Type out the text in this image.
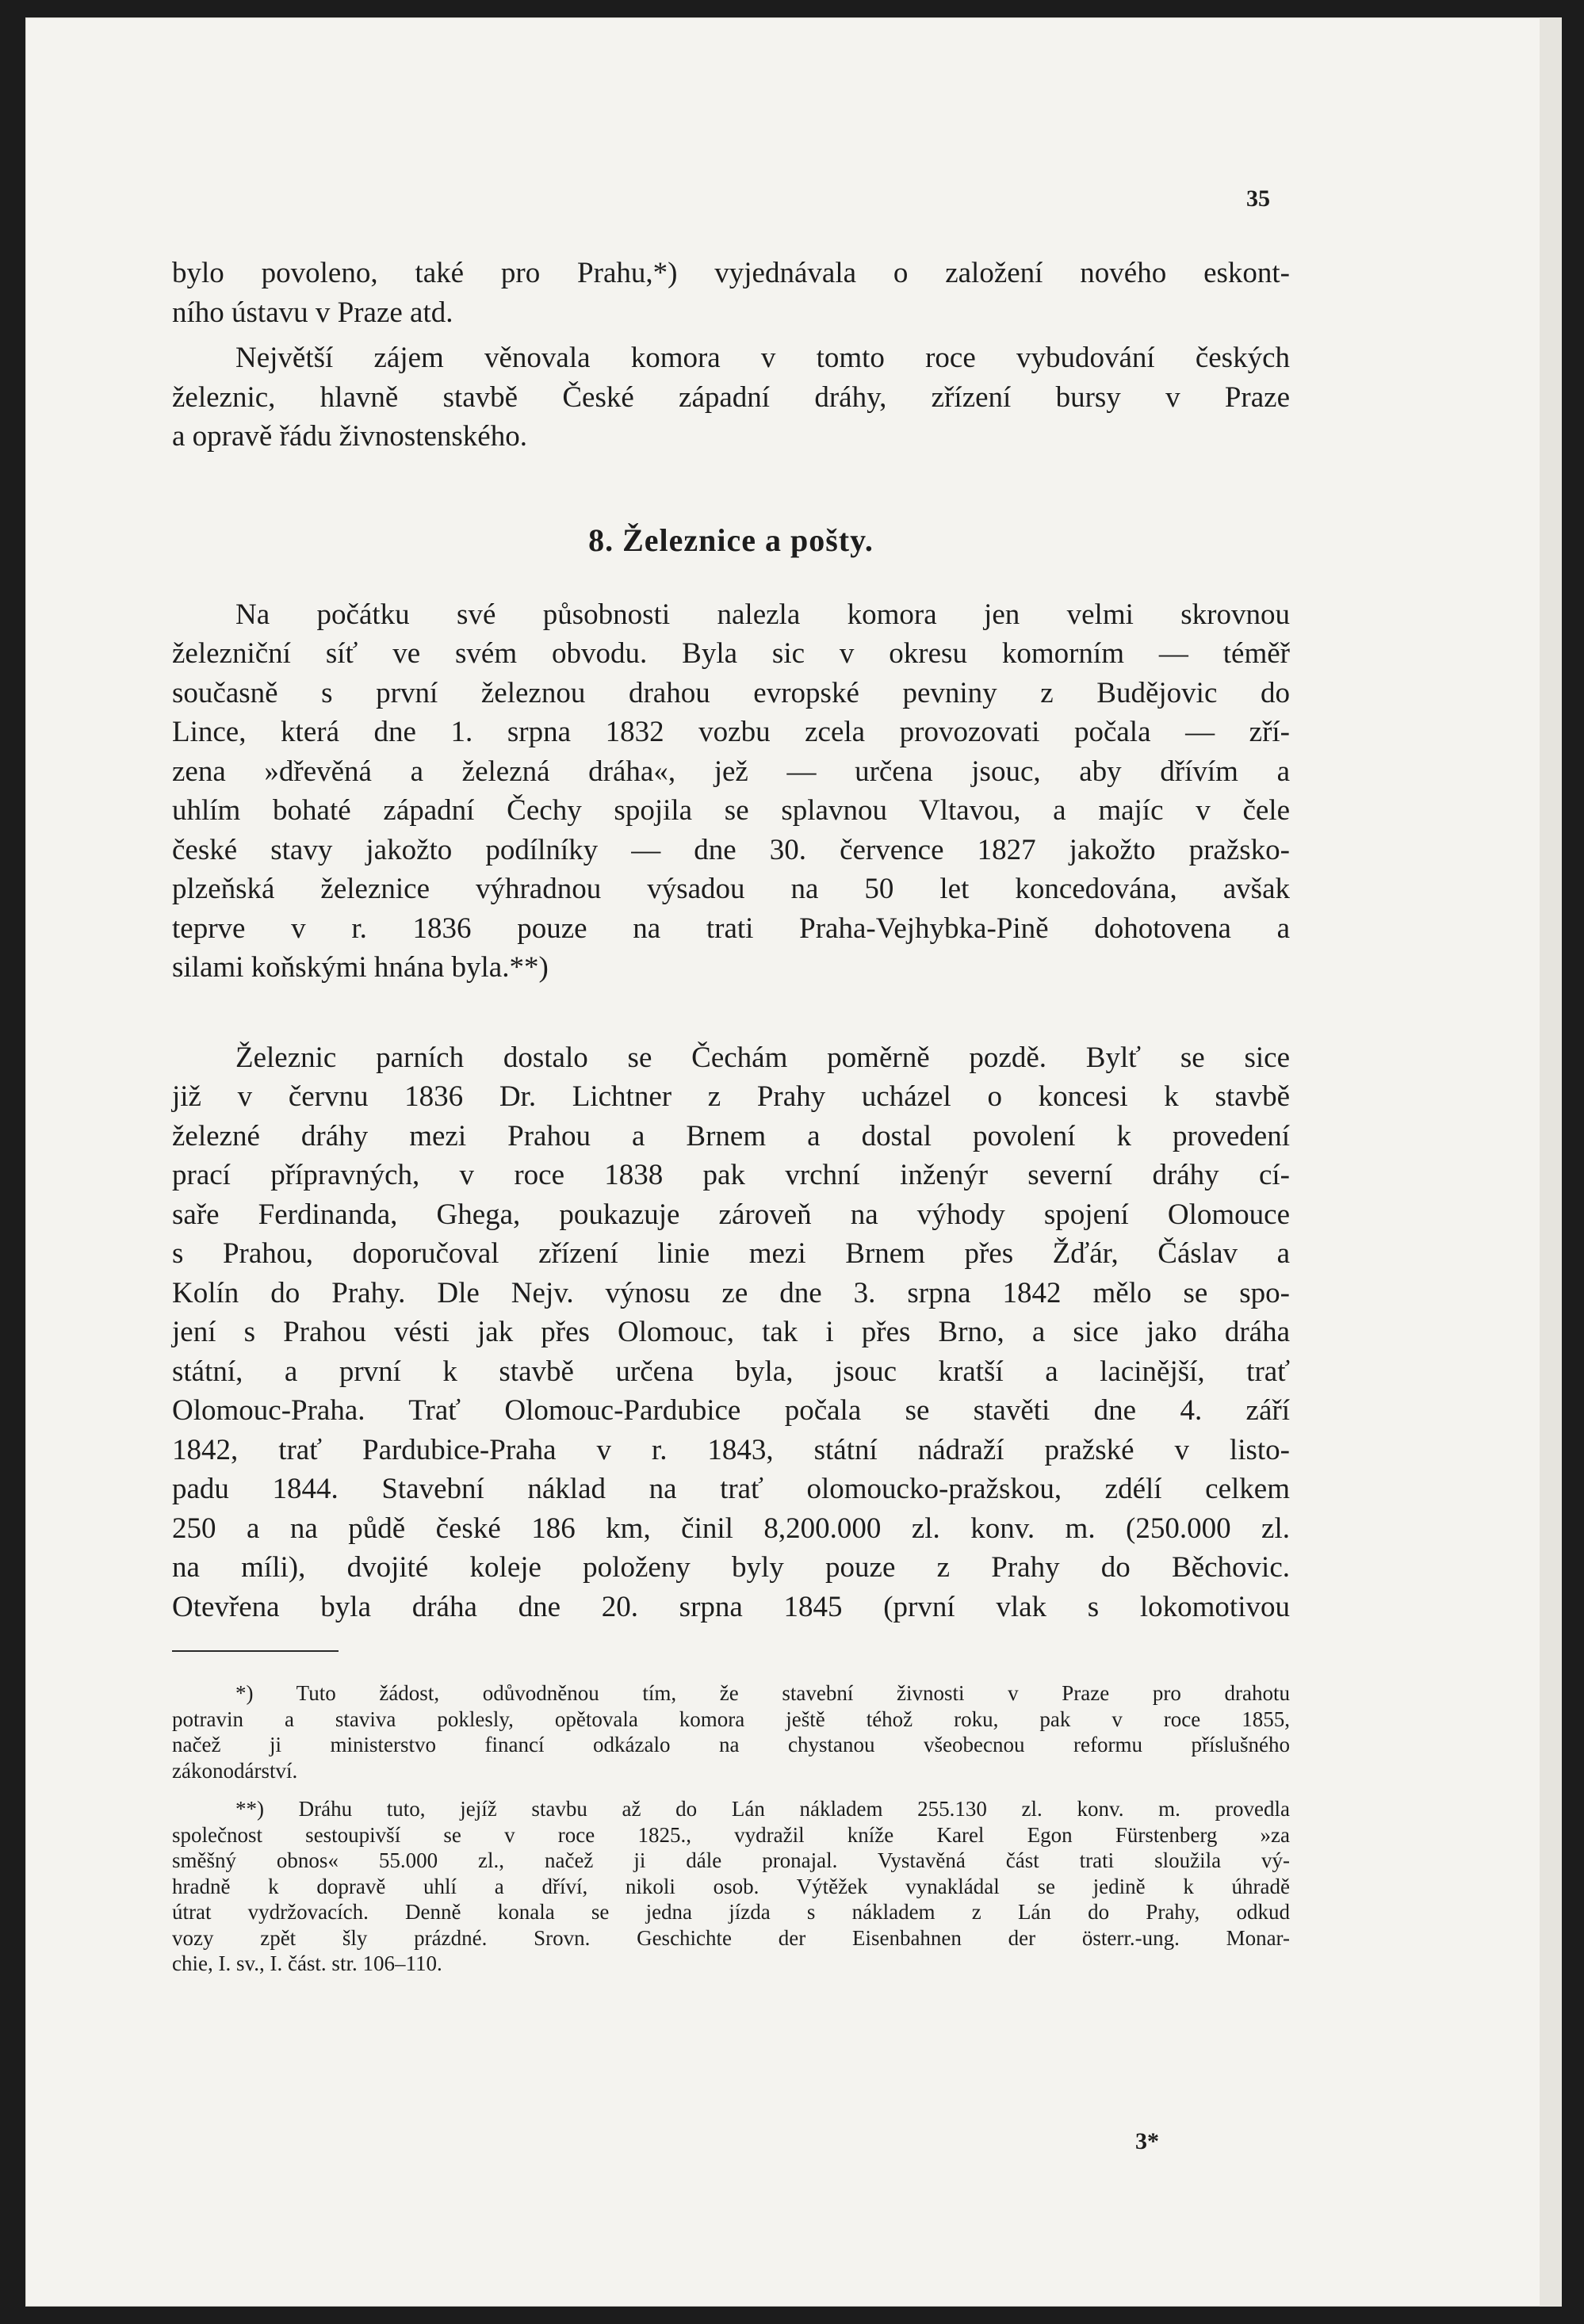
35

bylo povoleno, také pro Prahu,*) vyjednávala o založení nového eskont-
ního ústavu v Praze atd.

Největší zájem věnovala komora v tomto roce vybudování českých
železnic, hlavně stavbě České západní dráhy, zřízení bursy v Praze
a opravě řádu živnostenského.

8. Železnice a pošty.

Na počátku své působnosti nalezla komora jen velmi skrovnou
železniční síť ve svém obvodu. Byla sic v okresu komorním — téměř
současně s první železnou drahou evropské pevniny z Budějovic do
Lince, která dne 1. srpna 1832 vozbu zcela provozovati počala — zří-
zena »dřevěná a železná dráha«, jež — určena jsouc, aby dřívím a
uhlím bohaté západní Čechy spojila se splavnou Vltavou, a majíc v čele
české stavy jakožto podílníky — dne 30. července 1827 jakožto pražsko-
plzeňská železnice výhradnou výsadou na 50 let koncedována, avšak
teprve v r. 1836 pouze na trati Praha-Vejhybka-Pině dohotovena a
silami koňskými hnána byla.**)

Železnic parních dostalo se Čechám poměrně pozdě. Bylť se sice
již v červnu 1836 Dr. Lichtner z Prahy ucházel o koncesi k stavbě
železné dráhy mezi Prahou a Brnem a dostal povolení k provedení
prací přípravných, v roce 1838 pak vrchní inženýr severní dráhy cí-
saře Ferdinanda, Ghega, poukazuje zároveň na výhody spojení Olomouce
s Prahou, doporučoval zřízení linie mezi Brnem přes Žďár, Čáslav a
Kolín do Prahy. Dle Nejv. výnosu ze dne 3. srpna 1842 mělo se spo-
jení s Prahou vésti jak přes Olomouc, tak i přes Brno, a sice jako dráha
státní, a první k stavbě určena byla, jsouc kratší a lacinější, trať
Olomouc-Praha. Trať Olomouc-Pardubice počala se stavěti dne 4. září
1842, trať Pardubice-Praha v r. 1843, státní nádraží pražské v listo-
padu 1844. Stavební náklad na trať olomoucko-pražskou, zdélí celkem
250 a na půdě české 186 km, činil 8,200.000 zl. konv. m. (250.000 zl.
na míli), dvojité koleje položeny byly pouze z Prahy do Běchovic.
Otevřena byla dráha dne 20. srpna 1845 (první vlak s lokomotivou

*) Tuto žádost, odůvodněnou tím, že stavební živnosti v Praze pro drahotu
potravin a staviva poklesly, opětovala komora ještě téhož roku, pak v roce 1855,
načež ji ministerstvo financí odkázalo na chystanou všeobecnou reformu příslušného
zákonodárství.

**) Dráhu tuto, jejíž stavbu až do Lán nákladem 255.130 zl. konv. m. provedla
společnost sestoupivší se v roce 1825., vydražil kníže Karel Egon Fürstenberg »za
směšný obnos« 55.000 zl., načež ji dále pronajal. Vystavěná část trati sloužila vý-
hradně k dopravě uhlí a dříví, nikoli osob. Výtěžek vynakládal se jedině k úhradě
útrat vydržovacích. Denně konala se jedna jízda s nákladem z Lán do Prahy, odkud
vozy zpět šly prázdné. Srovn. Geschichte der Eisenbahnen der österr.-ung. Monar-
chie, I. sv., I. část. str. 106–110.

3*
